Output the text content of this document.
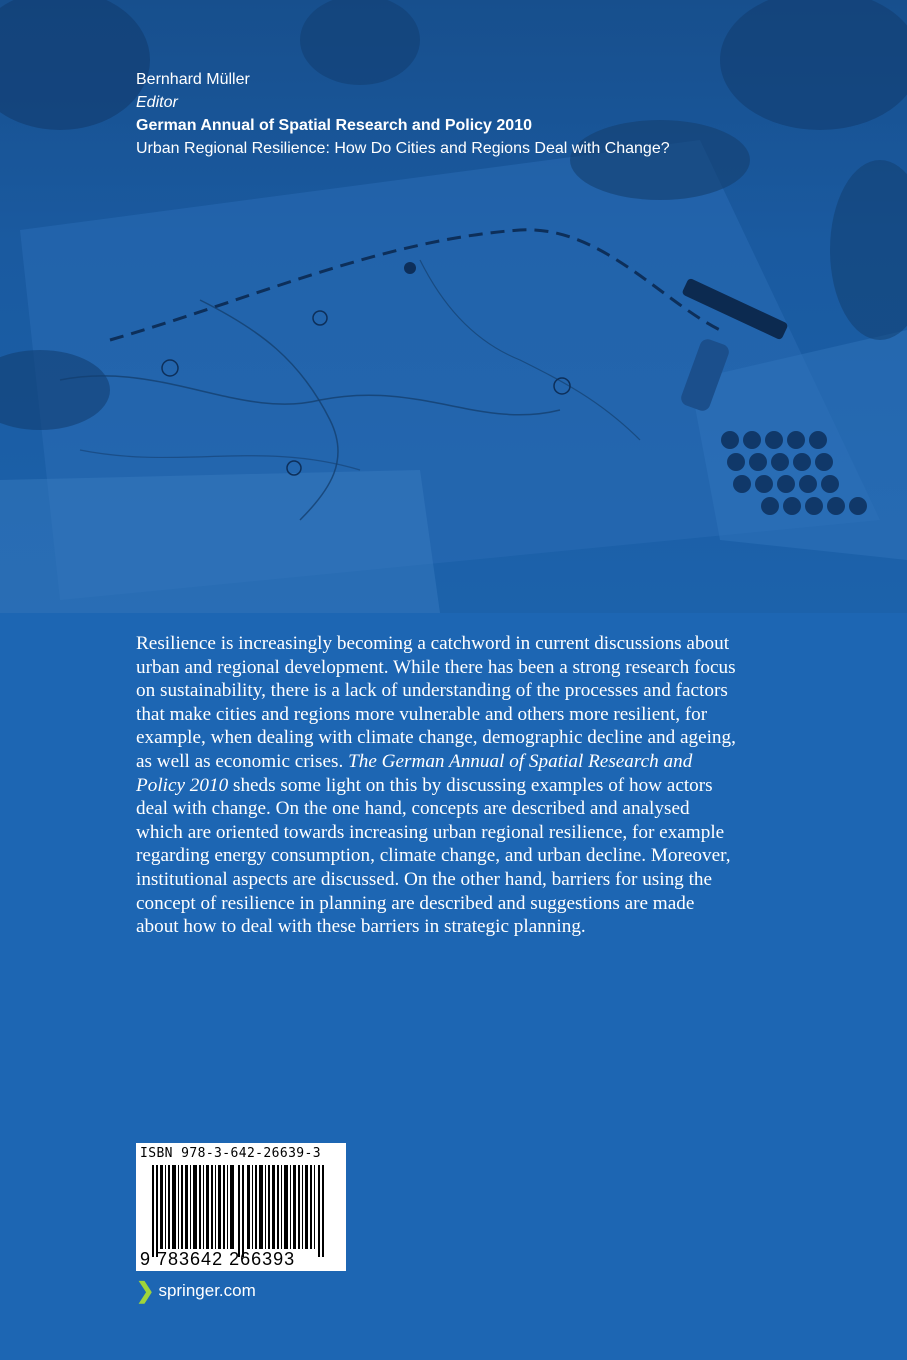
Bernhard Müller
Editor
German Annual of Spatial Research and Policy 2010
Urban Regional Resilience: How Do Cities and Regions Deal with Change?

Resilience is increasingly becoming a catchword in current discussions about urban and regional development. While there has been a strong research focus on sustainability, there is a lack of understanding of the processes and factors that make cities and regions more vulnerable and others more resilient, for example, when dealing with climate change, demographic decline and ageing, as well as economic crises. The German Annual of Spatial Research and Policy 2010 sheds some light on this by discussing examples of how actors deal with change. On the one hand, concepts are described and analysed which are oriented towards increasing urban regional resilience, for example regarding energy consumption, climate change, and urban decline. Moreover, institutional aspects are discussed. On the other hand, barriers for using the concept of resilience in planning are described and suggestions are made about how to deal with these barriers in strategic planning.

ISBN 978-3-642-26639-3
9 783642 266393
❯ springer.com
